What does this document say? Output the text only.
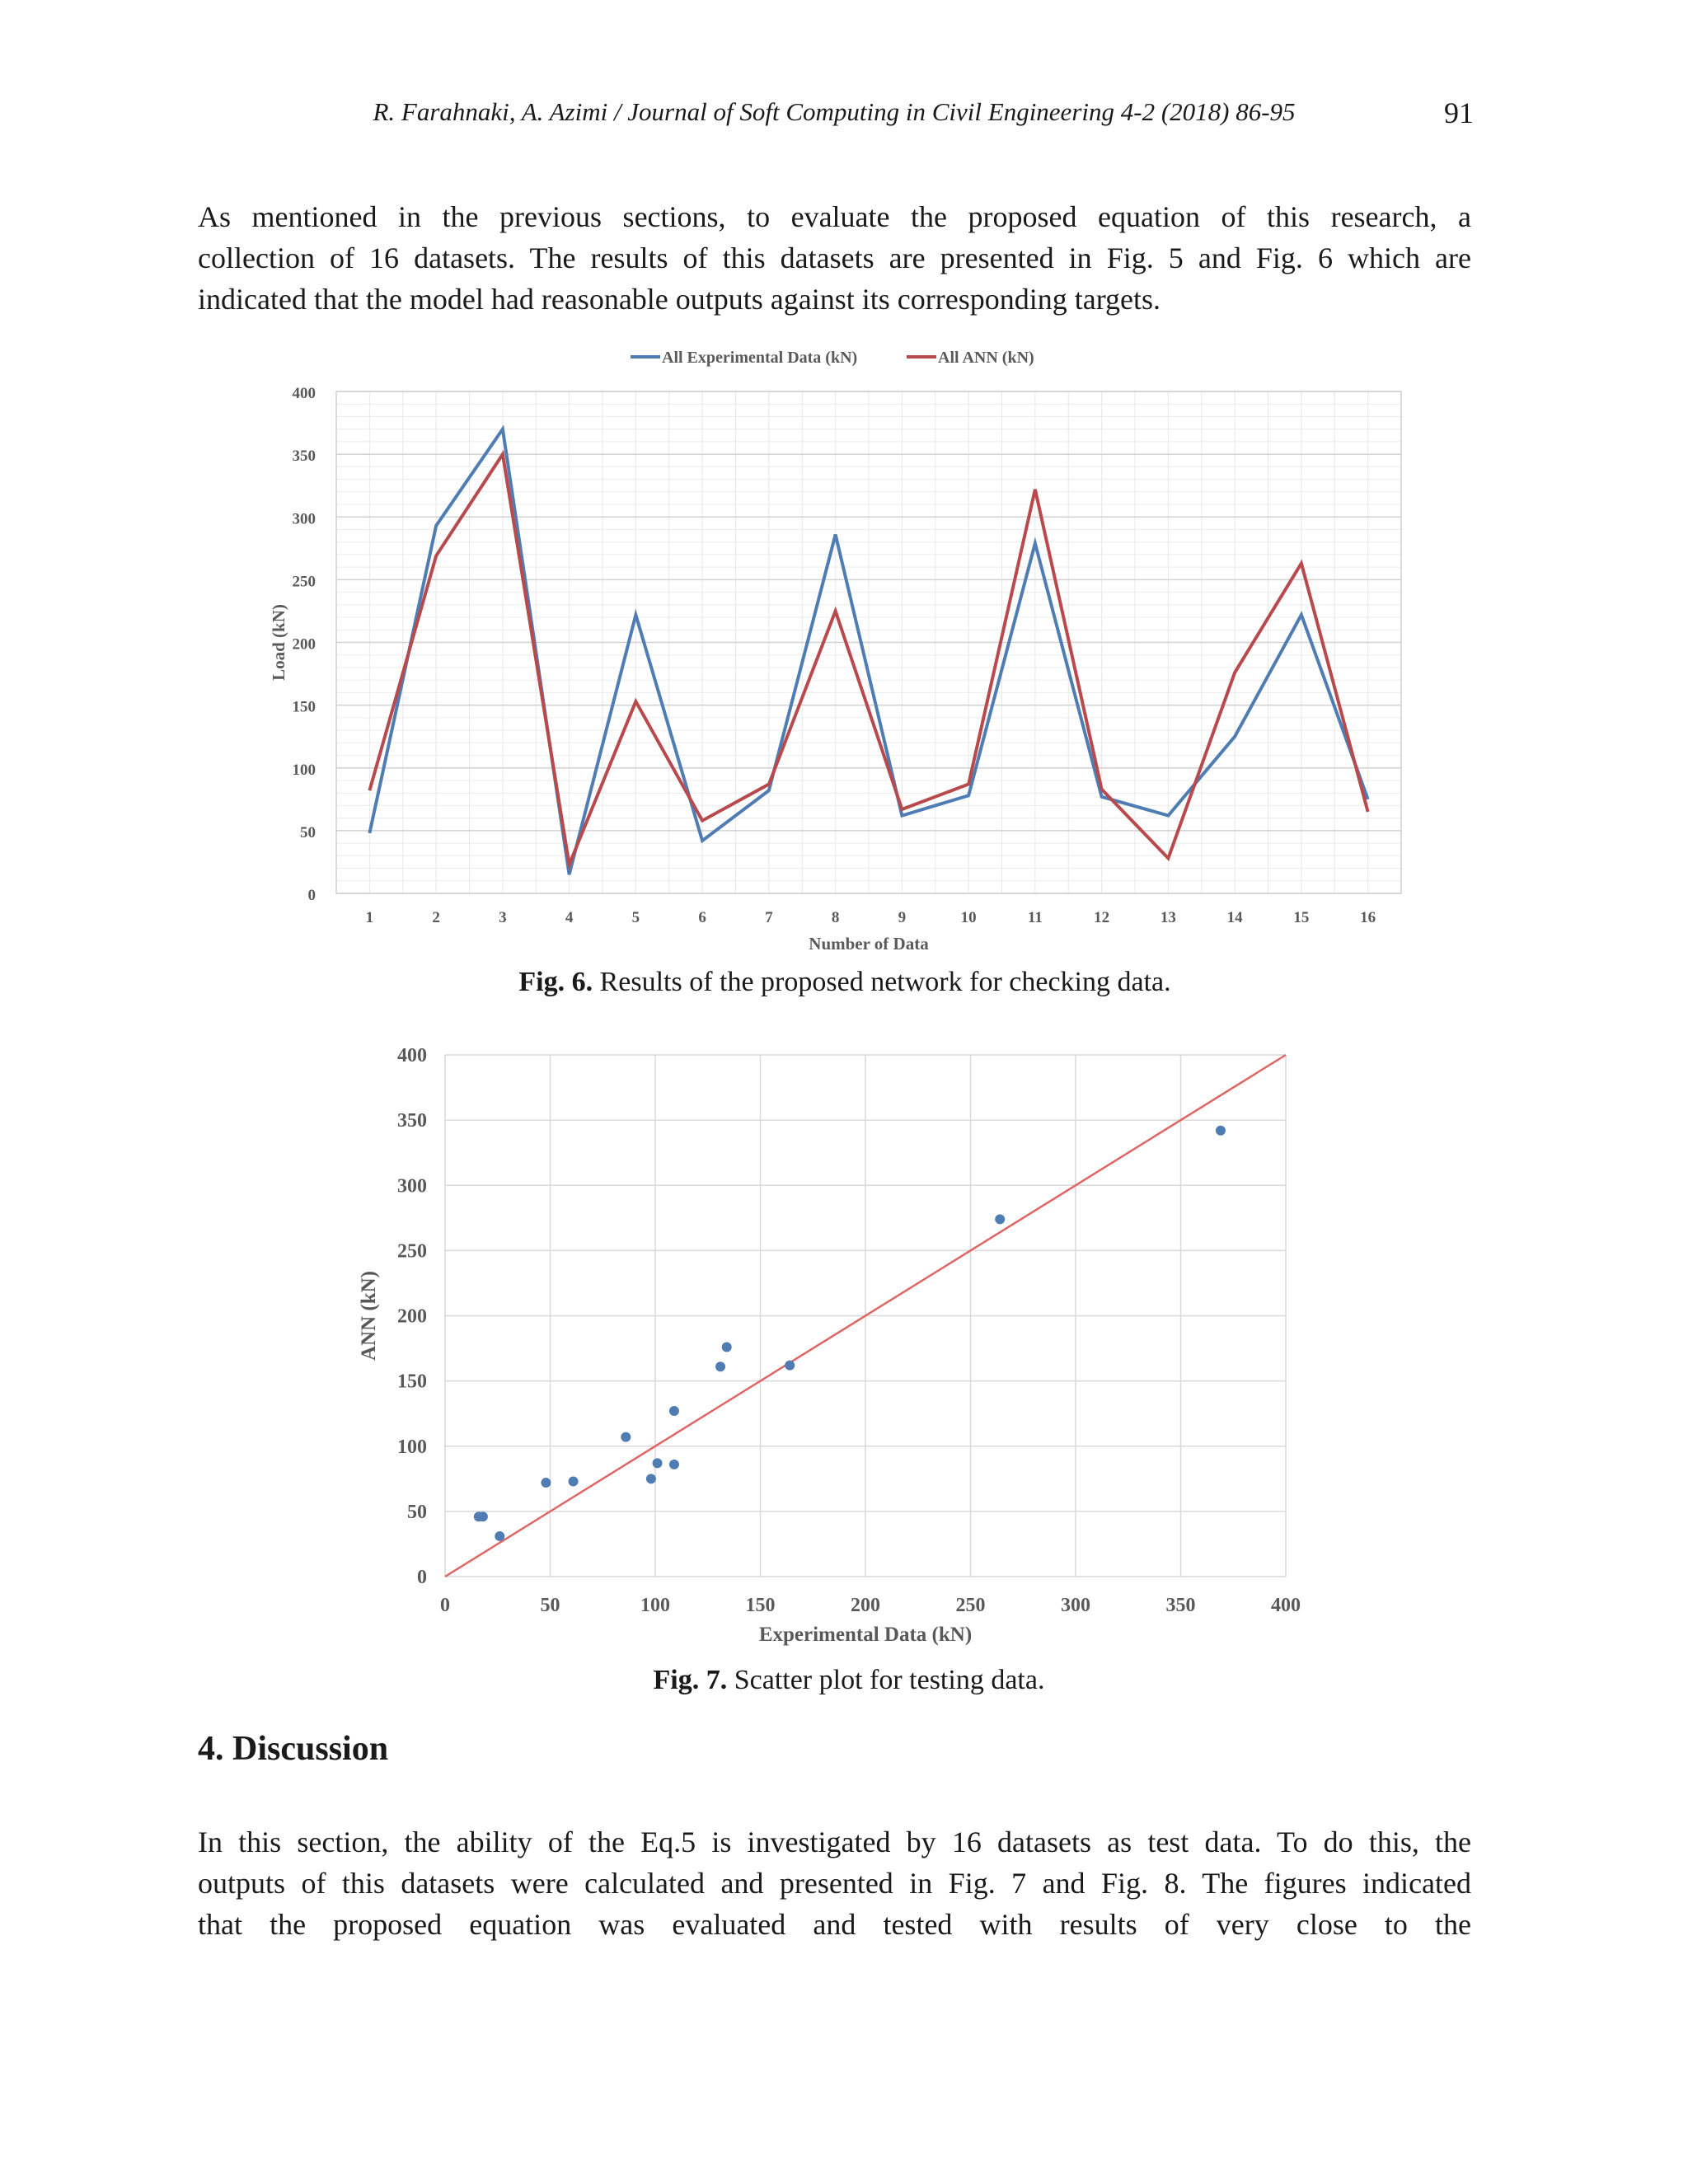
R. Farahnaki, A. Azimi / Journal of Soft Computing in Civil Engineering 4-2 (2018) 86-95	91

As mentioned in the previous sections, to evaluate the proposed equation of this research, a
collection of 16 datasets. The results of this datasets are presented in Fig. 5 and Fig. 6 which are
indicated that the model had reasonable outputs against its corresponding targets.

0
50
100
150
200
250
300
350
400
1	2	3	4	5	6	7	8	9	10	11	12	13	14	15	16
Number of Data
Load (kN)
All Experimental Data (kN)	All ANN (kN)
0
50
100
150
200
250
300
350
400
0	50	100	150	200	250	300	350	400
Experimental Data (kN)
ANN (kN)
Fig. 6. Results of the proposed network for checking data.
Fig. 7. Scatter plot for testing data.
4. Discussion

In this section, the ability of the Eq.5 is investigated by 16 datasets as test data. To do this, the
outputs of this datasets were calculated and presented in Fig. 7 and Fig. 8. The figures indicated
that the proposed equation was evaluated and tested with results of very close to the
